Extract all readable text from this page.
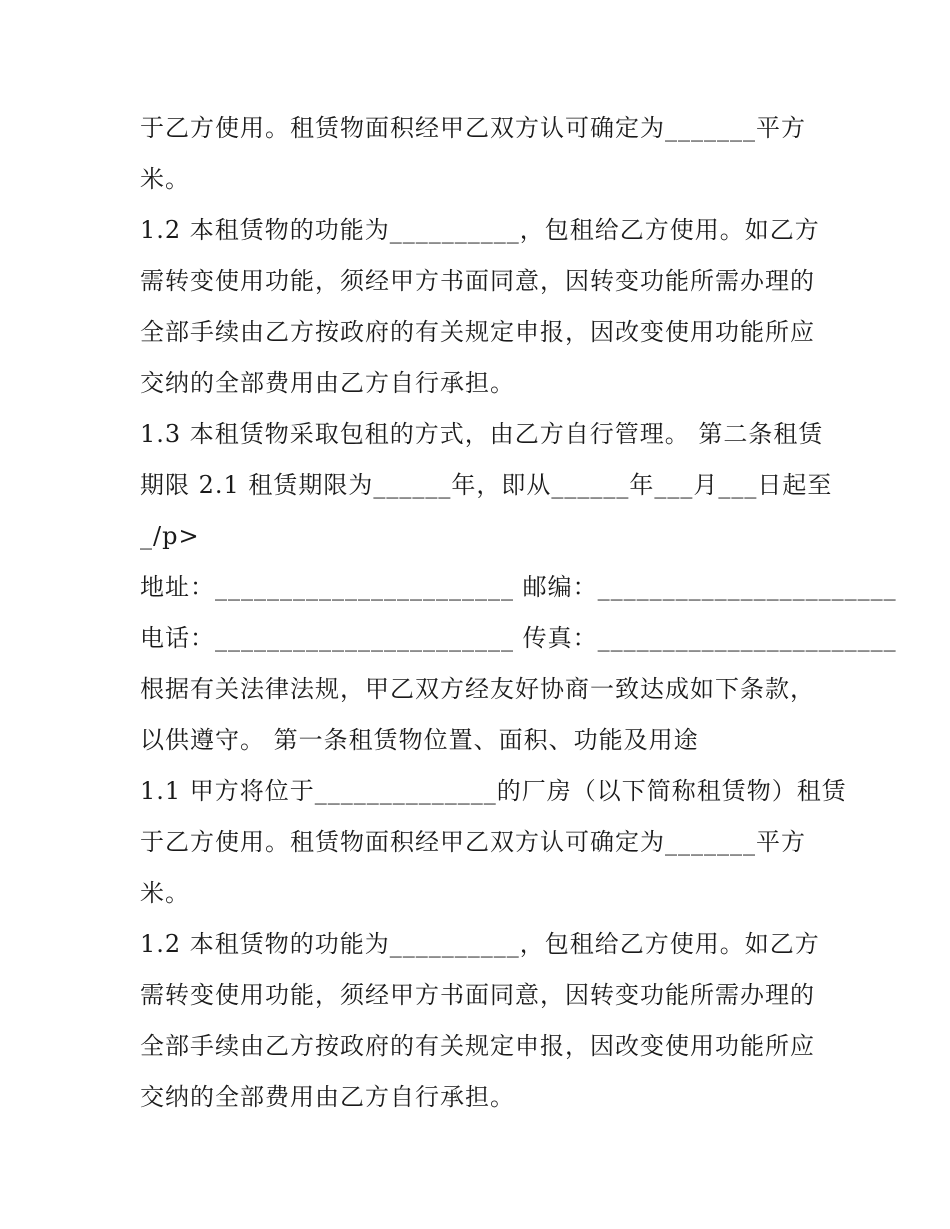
于乙方使用。租赁物面积经甲乙双方认可确定为_______平方
米。
1.2 本租赁物的功能为__________，包租给乙方使用。如乙方
需转变使用功能，须经甲方书面同意，因转变功能所需办理的
全部手续由乙方按政府的有关规定申报，因改变使用功能所应
交纳的全部费用由乙方自行承担。
1.3 本租赁物采取包租的方式，由乙方自行管理。 第二条租赁
期限 2.1 租赁期限为______年，即从______年___月___日起至
_/p>
地址：_______________________ 邮编：_______________________
电话：_______________________ 传真：_______________________
根据有关法律法规，甲乙双方经友好协商一致达成如下条款，
以供遵守。 第一条租赁物位置、面积、功能及用途
1.1 甲方将位于______________的厂房（以下简称租赁物）租赁
于乙方使用。租赁物面积经甲乙双方认可确定为_______平方
米。
1.2 本租赁物的功能为__________，包租给乙方使用。如乙方
需转变使用功能，须经甲方书面同意，因转变功能所需办理的
全部手续由乙方按政府的有关规定申报，因改变使用功能所应
交纳的全部费用由乙方自行承担。
